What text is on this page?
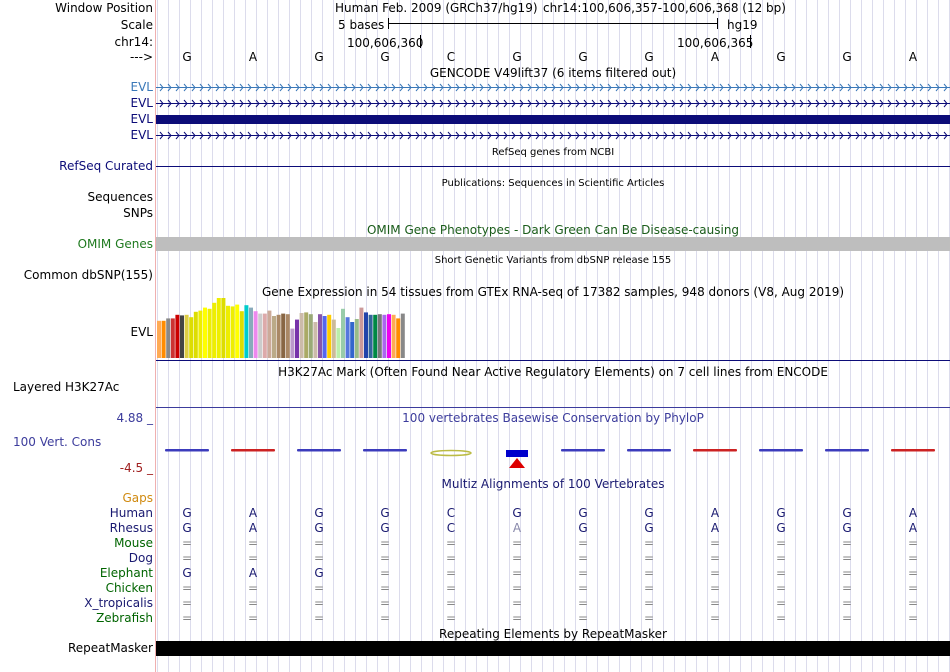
Window Position
Scale
chr14:
--->
Human Feb. 2009 (GRCh37/hg19) chr14:100,606,357-100,606,368 (12 bp)
5 bases	hg19
100,606,360	100,606,365
G	A	G	G	C	G	G	G	A	G	G	A
GENCODE V49lift37 (6 items filtered out)
EVL
EVL
EVL
EVL
RefSeq genes from NCBI
RefSeq Curated
Publications: Sequences in Scientific Articles
Sequences
SNPs
OMIM Gene Phenotypes - Dark Green Can Be Disease-causing
OMIM Genes
Short Genetic Variants from dbSNP release 155
Common dbSNP(155)
Gene Expression in 54 tissues from GTEx RNA-seq of 17382 samples, 948 donors (V8, Aug 2019)
EVL
H3K27Ac Mark (Often Found Near Active Regulatory Elements) on 7 cell lines from ENCODE
Layered H3K27Ac
100 vertebrates Basewise Conservation by PhyloP
4.88 _
100 Vert. Cons
-4.5 _
Multiz Alignments of 100 Vertebrates
Gaps
Human	G	A	G	G	C	G	G	G	A	G	G	A
Rhesus	G	A	G	G	C	A	G	G	A	G	G	A
Mouse	=	=	=	=	=	=	=	=	=	=	=	=
Dog	=	=	=	=	=	=	=	=	=	=	=	=
Elephant	G	A	G	=	=	=	=	=	=	=	=	=
Chicken	=	=	=	=	=	=	=	=	=	=	=	=
X_tropicalis	=	=	=	=	=	=	=	=	=	=	=	=
Zebrafish	=	=	=	=	=	=	=	=	=	=	=	=
Repeating Elements by RepeatMasker
RepeatMasker
